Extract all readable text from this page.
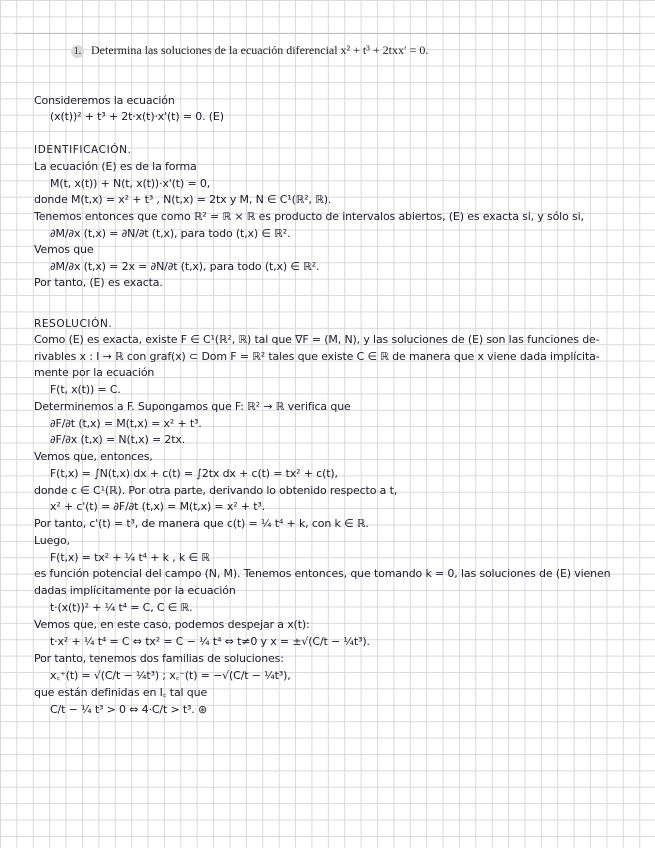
1. Determina las soluciones de la ecuación diferencial x² + t³ + 2txx′ = 0.
Consideremos la ecuación
(x(t))² + t³ + 2t·x(t)·x'(t) = 0. (E)
IDENTIFICACIÓN.
La ecuación (E) es de la forma
M(t, x(t)) + N(t, x(t))·x'(t) = 0,
donde M(t,x) = x² + t³ , N(t,x) = 2tx y M, N ∈ C¹(ℝ², ℝ).
Tenemos entonces que como ℝ² = ℝ × ℝ es producto de intervalos abiertos, (E) es exacta si, y sólo si,
∂M/∂x (t,x) = ∂N/∂t (t,x), para todo (t,x) ∈ ℝ².
Vemos que
∂M/∂x (t,x) = 2x = ∂N/∂t (t,x), para todo (t,x) ∈ ℝ².
Por tanto, (E) es exacta.
RESOLUCIÓN.
Como (E) es exacta, existe F ∈ C¹(ℝ², ℝ) tal que ∇F = (M, N), y las soluciones de (E) son las funciones de-
rivables x : I → ℝ con graf(x) ⊂ Dom F = ℝ² tales que existe C ∈ ℝ de manera que x viene dada implícita-
mente por la ecuación
F(t, x(t)) = C.
Determinemos a F. Supongamos que F: ℝ² → ℝ verifica que
∂F/∂t (t,x) = M(t,x) = x² + t³.
∂F/∂x (t,x) = N(t,x) = 2tx.
Vemos que, entonces,
F(t,x) = ∫N(t,x) dx + c(t) = ∫2tx dx + c(t) = tx² + c(t),
donde c ∈ C¹(ℝ). Por otra parte, derivando lo obtenido respecto a t,
x² + c'(t) = ∂F/∂t (t,x) = M(t,x) = x² + t³.
Por tanto, c'(t) = t³, de manera que c(t) = ¼ t⁴ + k, con k ∈ ℝ.
Luego,
F(t,x) = tx² + ¼ t⁴ + k , k ∈ ℝ
es función potencial del campo (N, M). Tenemos entonces, que tomando k = 0, las soluciones de (E) vienen
dadas implícitamente por la ecuación
t·(x(t))² + ¼ t⁴ = C, C ∈ ℝ.
Vemos que, en este caso, podemos despejar a x(t):
t·x² + ¼ t⁴ = C ⇔ tx² = C − ¼ t⁴ ⇔ t≠0 y x = ±√(C/t − ¼t³).
Por tanto, tenemos dos familias de soluciones:
x꜀⁺(t) = √(C/t − ¼t³) ; x꜀⁻(t) = −√(C/t − ¼t³),
que están definidas en I꜀ tal que
C/t − ¼ t³ > 0 ⇔ 4·C/t > t³. ⊛
